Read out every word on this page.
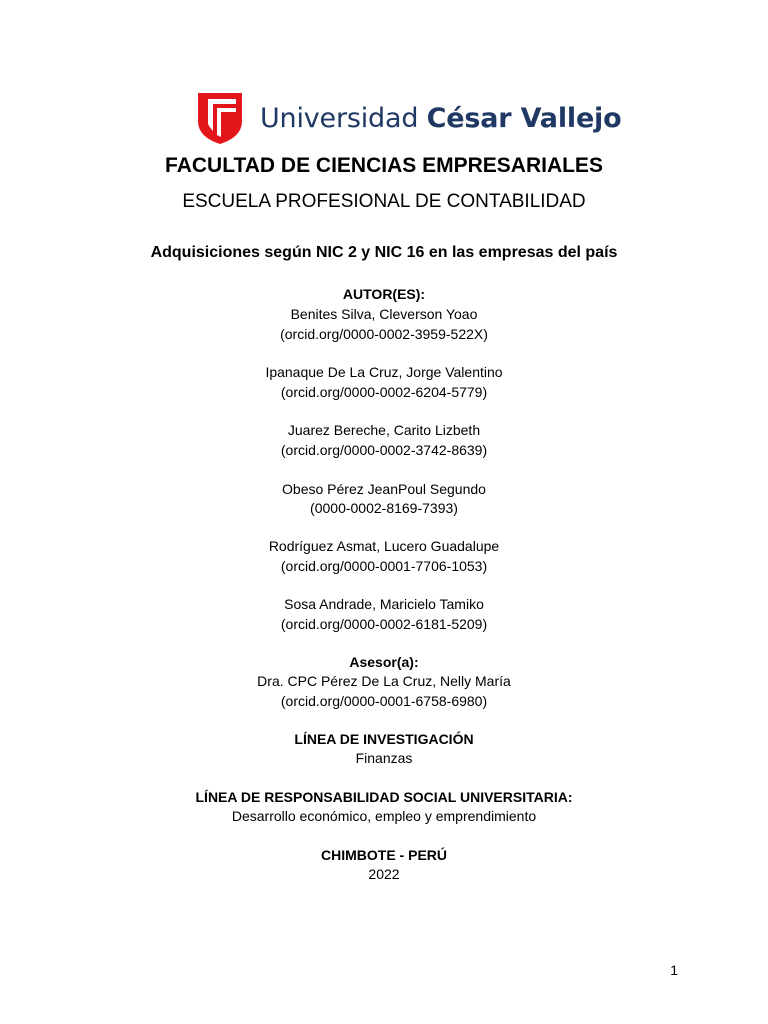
Universidad César Vallejo
FACULTAD DE CIENCIAS EMPRESARIALES
ESCUELA PROFESIONAL DE CONTABILIDAD
Adquisiciones según NIC 2 y NIC 16 en las empresas del país
AUTOR(ES):
Benites Silva, Cleverson Yoao
(orcid.org/0000-0002-3959-522X)
Ipanaque De La Cruz, Jorge Valentino
(orcid.org/0000-0002-6204-5779)
Juarez Bereche, Carito Lizbeth
(orcid.org/0000-0002-3742-8639)
Obeso Pérez JeanPoul Segundo
(0000-0002-8169-7393)
Rodríguez Asmat, Lucero Guadalupe
(orcid.org/0000-0001-7706-1053)
Sosa Andrade, Maricielo Tamiko
(orcid.org/0000-0002-6181-5209)
Asesor(a):
Dra. CPC Pérez De La Cruz, Nelly María
(orcid.org/0000-0001-6758-6980)
LÍNEA DE INVESTIGACIÓN
Finanzas
LÍNEA DE RESPONSABILIDAD SOCIAL UNIVERSITARIA:
Desarrollo económico, empleo y emprendimiento
CHIMBOTE - PERÚ
2022
1
